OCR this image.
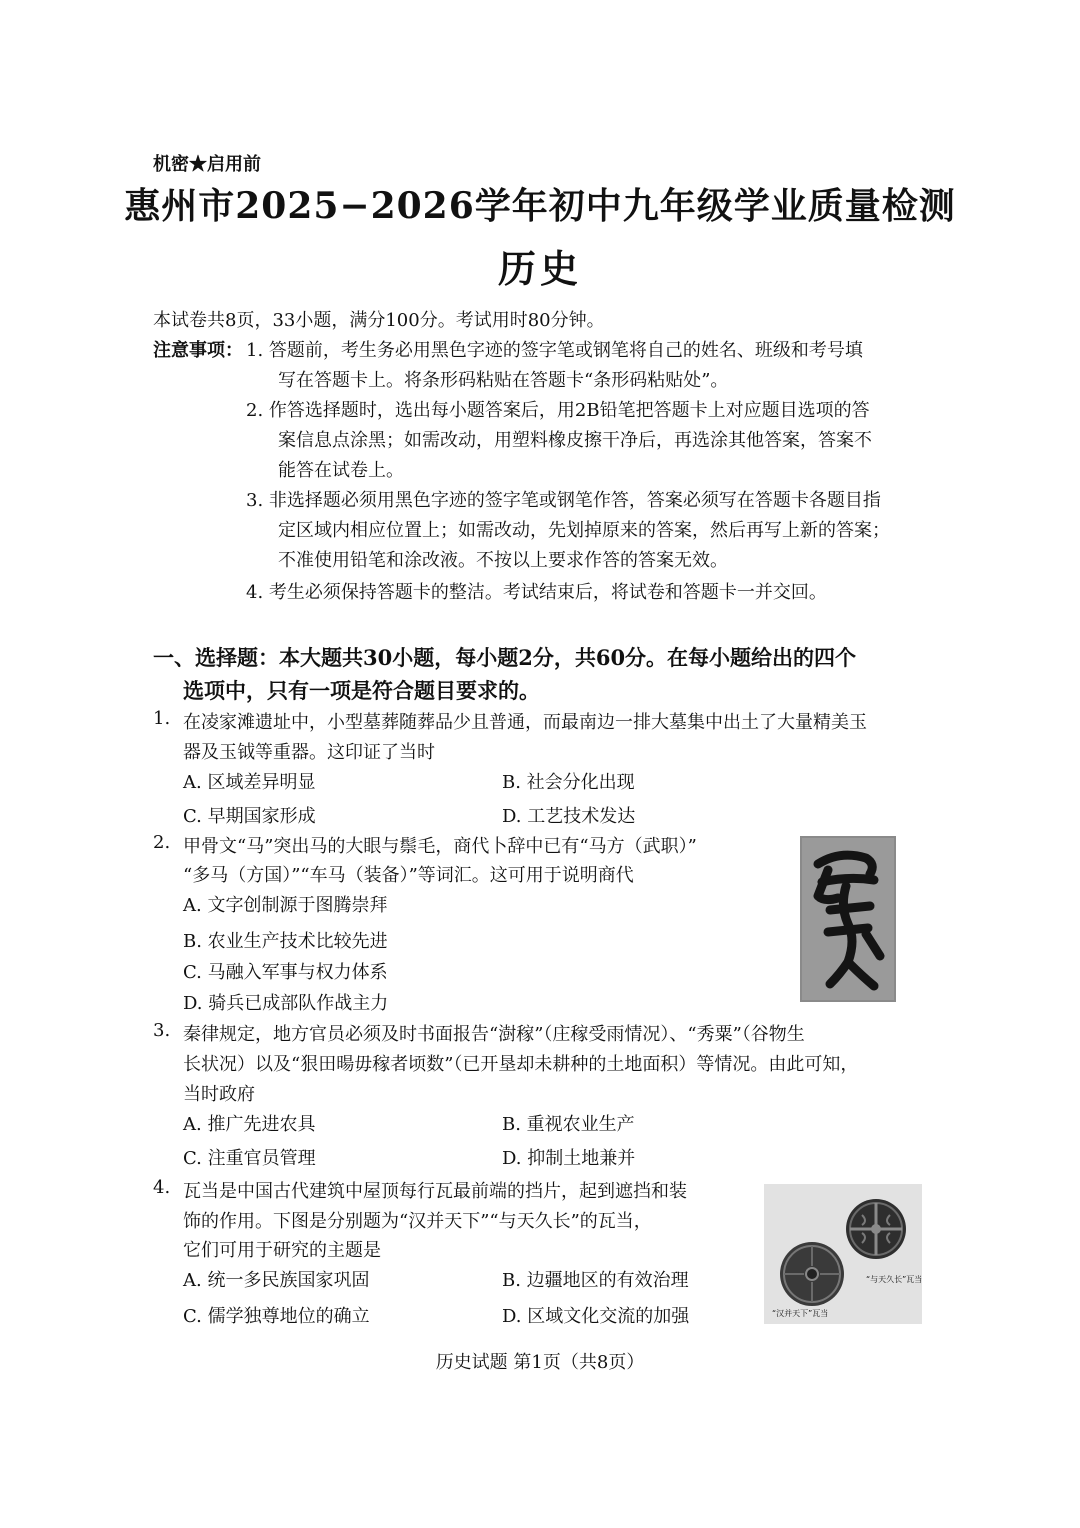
机密★启用前
惠州市2025−2026学年初中九年级学业质量检测
历史
本试卷共8页，33小题，满分100分。考试用时80分钟。
注意事项： 1. 答题前，考生务必用黑色字迹的签字笔或钢笔将自己的姓名、班级和考号填
写在答题卡上。将条形码粘贴在答题卡“条形码粘贴处”。
2. 作答选择题时，选出每小题答案后，用2B铅笔把答题卡上对应题目选项的答
案信息点涂黑；如需改动，用塑料橡皮擦干净后，再选涂其他答案，答案不
能答在试卷上。
3. 非选择题必须用黑色字迹的签字笔或钢笔作答，答案必须写在答题卡各题目指
定区域内相应位置上；如需改动，先划掉原来的答案，然后再写上新的答案；
不准使用铅笔和涂改液。不按以上要求作答的答案无效。
4. 考生必须保持答题卡的整洁。考试结束后，将试卷和答题卡一并交回。
一、选择题：本大题共30小题，每小题2分，共60分。在每小题给出的四个
选项中，只有一项是符合题目要求的。
1. 在凌家滩遗址中，小型墓葬随葬品少且普通，而最南边一排大墓集中出土了大量精美玉
器及玉钺等重器。这印证了当时
A. 区域差异明显	B. 社会分化出现
C. 早期国家形成	D. 工艺技术发达
2. 甲骨文“马”突出马的大眼与鬃毛，商代卜辞中已有“马方（武职）”
“多马（方国）”“车马（装备）”等词汇。这可用于说明商代
A. 文字创制源于图腾崇拜
B. 农业生产技术比较先进
C. 马融入军事与权力体系
D. 骑兵已成部队作战主力
3. 秦律规定，地方官员必须及时书面报告“澍稼”（庄稼受雨情况）、“秀粟”（谷物生
长状况）以及“狠田暘毋稼者顷数”（已开垦却未耕种的土地面积）等情况。由此可知，
当时政府
A. 推广先进农具	B. 重视农业生产
C. 注重官员管理	D. 抑制土地兼并
4. 瓦当是中国古代建筑中屋顶每行瓦最前端的挡片，起到遮挡和装
饰的作用。下图是分别题为“汉并天下”“与天久长”的瓦当，
它们可用于研究的主题是
A. 统一多民族国家巩固	B. 边疆地区的有效治理
C. 儒学独尊地位的确立	D. 区域文化交流的加强
“与天久长”瓦当
“汉并天下”瓦当
历史试题 第1页（共8页）
